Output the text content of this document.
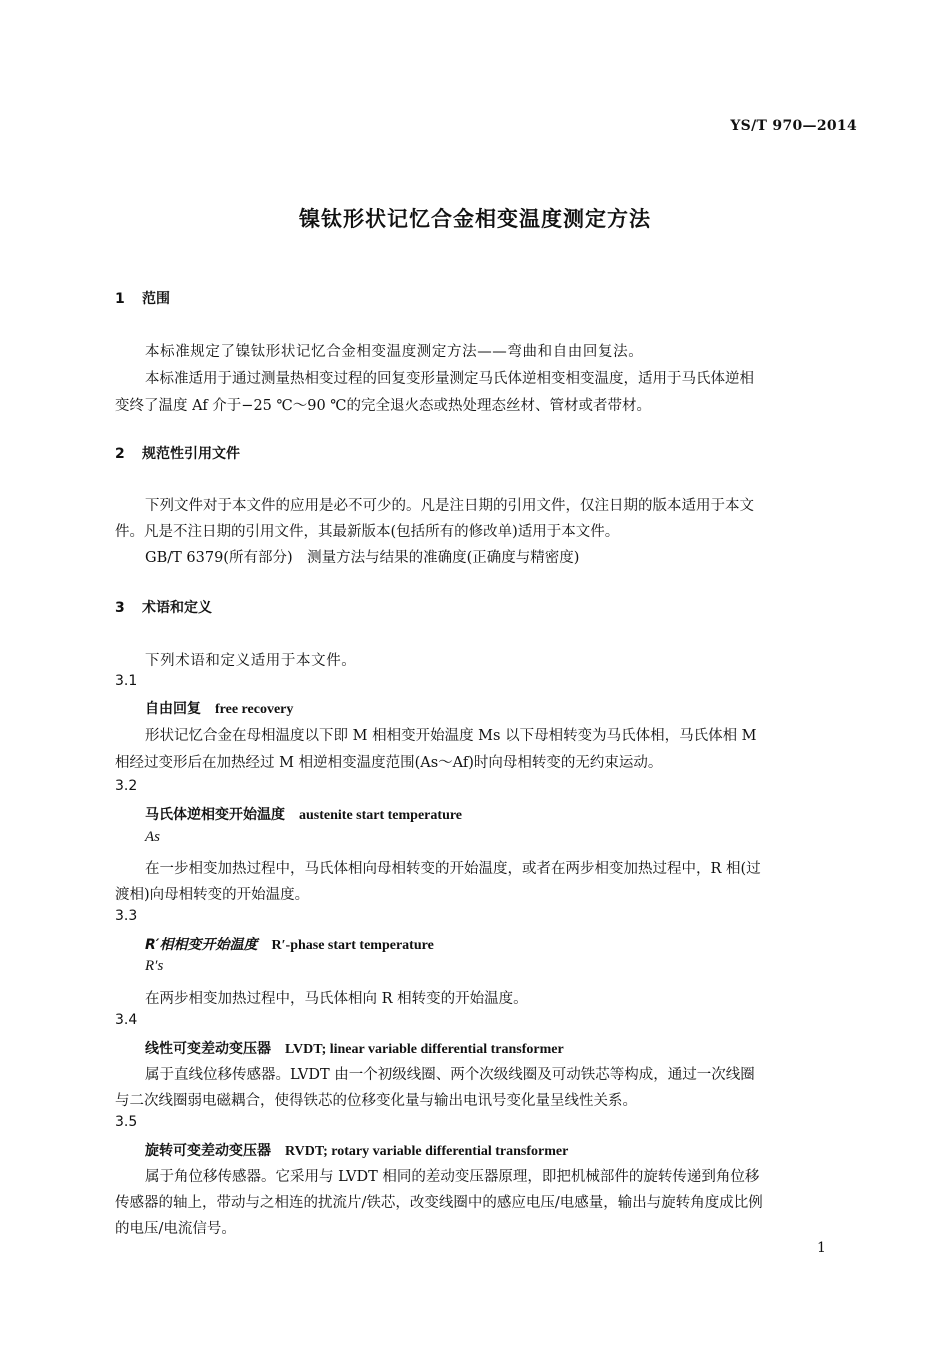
YS/T 970—2014
镍钛形状记忆合金相变温度测定方法
1 范围
本标准规定了镍钛形状记忆合金相变温度测定方法——弯曲和自由回复法。
本标准适用于通过测量热相变过程的回复变形量测定马氏体逆相变相变温度，适用于马氏体逆相
变终了温度 Af 介于−25 ℃～90 ℃的完全退火态或热处理态丝材、管材或者带材。
2 规范性引用文件
下列文件对于本文件的应用是必不可少的。凡是注日期的引用文件，仅注日期的版本适用于本文
件。凡是不注日期的引用文件，其最新版本(包括所有的修改单)适用于本文件。
GB/T 6379(所有部分)　测量方法与结果的准确度(正确度与精密度)
3 术语和定义
下列术语和定义适用于本文件。
3.1
自由回复 free recovery
形状记忆合金在母相温度以下即 M 相相变开始温度 Ms 以下母相转变为马氏体相，马氏体相 M
相经过变形后在加热经过 M 相逆相变温度范围(As～Af)时向母相转变的无约束运动。
3.2
马氏体逆相变开始温度 austenite start temperature
As
在一步相变加热过程中，马氏体相向母相转变的开始温度，或者在两步相变加热过程中，R 相(过
渡相)向母相转变的开始温度。
3.3
R′相相变开始温度 R′-phase start temperature
R′s
在两步相变加热过程中，马氏体相向 R 相转变的开始温度。
3.4
线性可变差动变压器 LVDT; linear variable differential transformer
属于直线位移传感器。LVDT 由一个初级线圈、两个次级线圈及可动铁芯等构成，通过一次线圈
与二次线圈弱电磁耦合，使得铁芯的位移变化量与输出电讯号变化量呈线性关系。
3.5
旋转可变差动变压器 RVDT; rotary variable differential transformer
属于角位移传感器。它采用与 LVDT 相同的差动变压器原理，即把机械部件的旋转传递到角位移
传感器的轴上，带动与之相连的扰流片/铁芯，改变线圈中的感应电压/电感量，输出与旋转角度成比例
的电压/电流信号。
1
